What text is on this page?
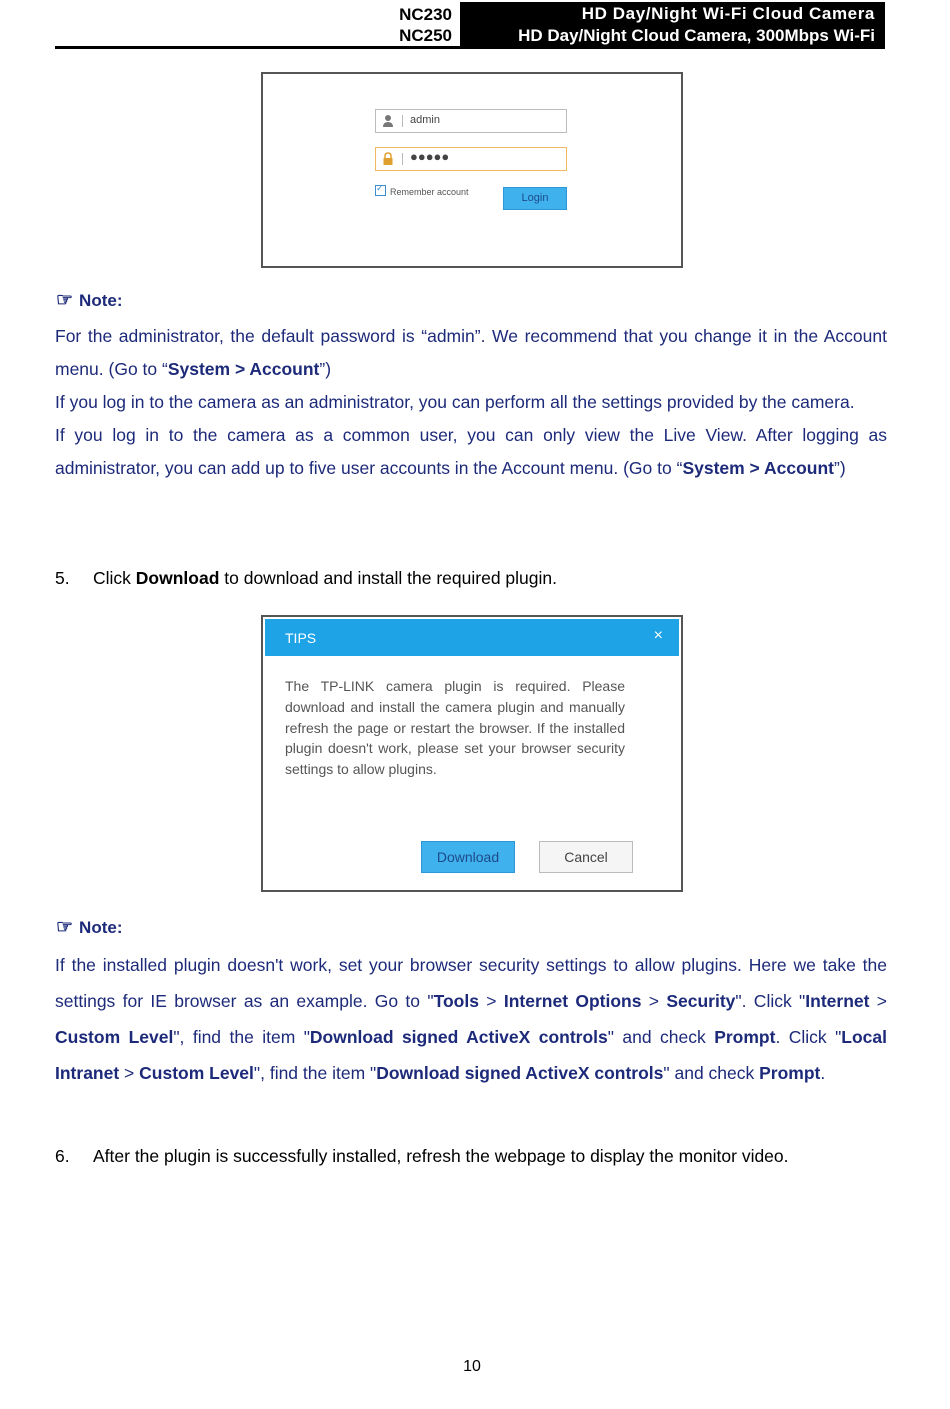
NC230
NC250
HD Day/Night Wi-Fi Cloud Camera
HD Day/Night Cloud Camera, 300Mbps Wi-Fi
admin
●●●●●
✓Remember account	Login
☞ Note:
For the administrator, the default password is “admin”. We recommend that you change it in the Account menu. (Go to “System > Account”)
If you log in to the camera as an administrator, you can perform all the settings provided by the camera.
If you log in to the camera as a common user, you can only view the Live View. After logging as administrator, you can add up to five user accounts in the Account menu. (Go to “System > Account”)
5. Click Download to download and install the required plugin.
TIPS	×
The TP-LINK camera plugin is required. Please download and install the camera plugin and manually refresh the page or restart the browser. If the installed plugin doesn't work, please set your browser security settings to allow plugins.
Download	Cancel
☞ Note:
If the installed plugin doesn't work, set your browser security settings to allow plugins. Here we take the settings for IE browser as an example. Go to "Tools > Internet Options > Security". Click "Internet > Custom Level", find the item "Download signed ActiveX controls" and check Prompt. Click "Local Intranet > Custom Level", find the item "Download signed ActiveX controls" and check Prompt.
6. After the plugin is successfully installed, refresh the webpage to display the monitor video.
10
